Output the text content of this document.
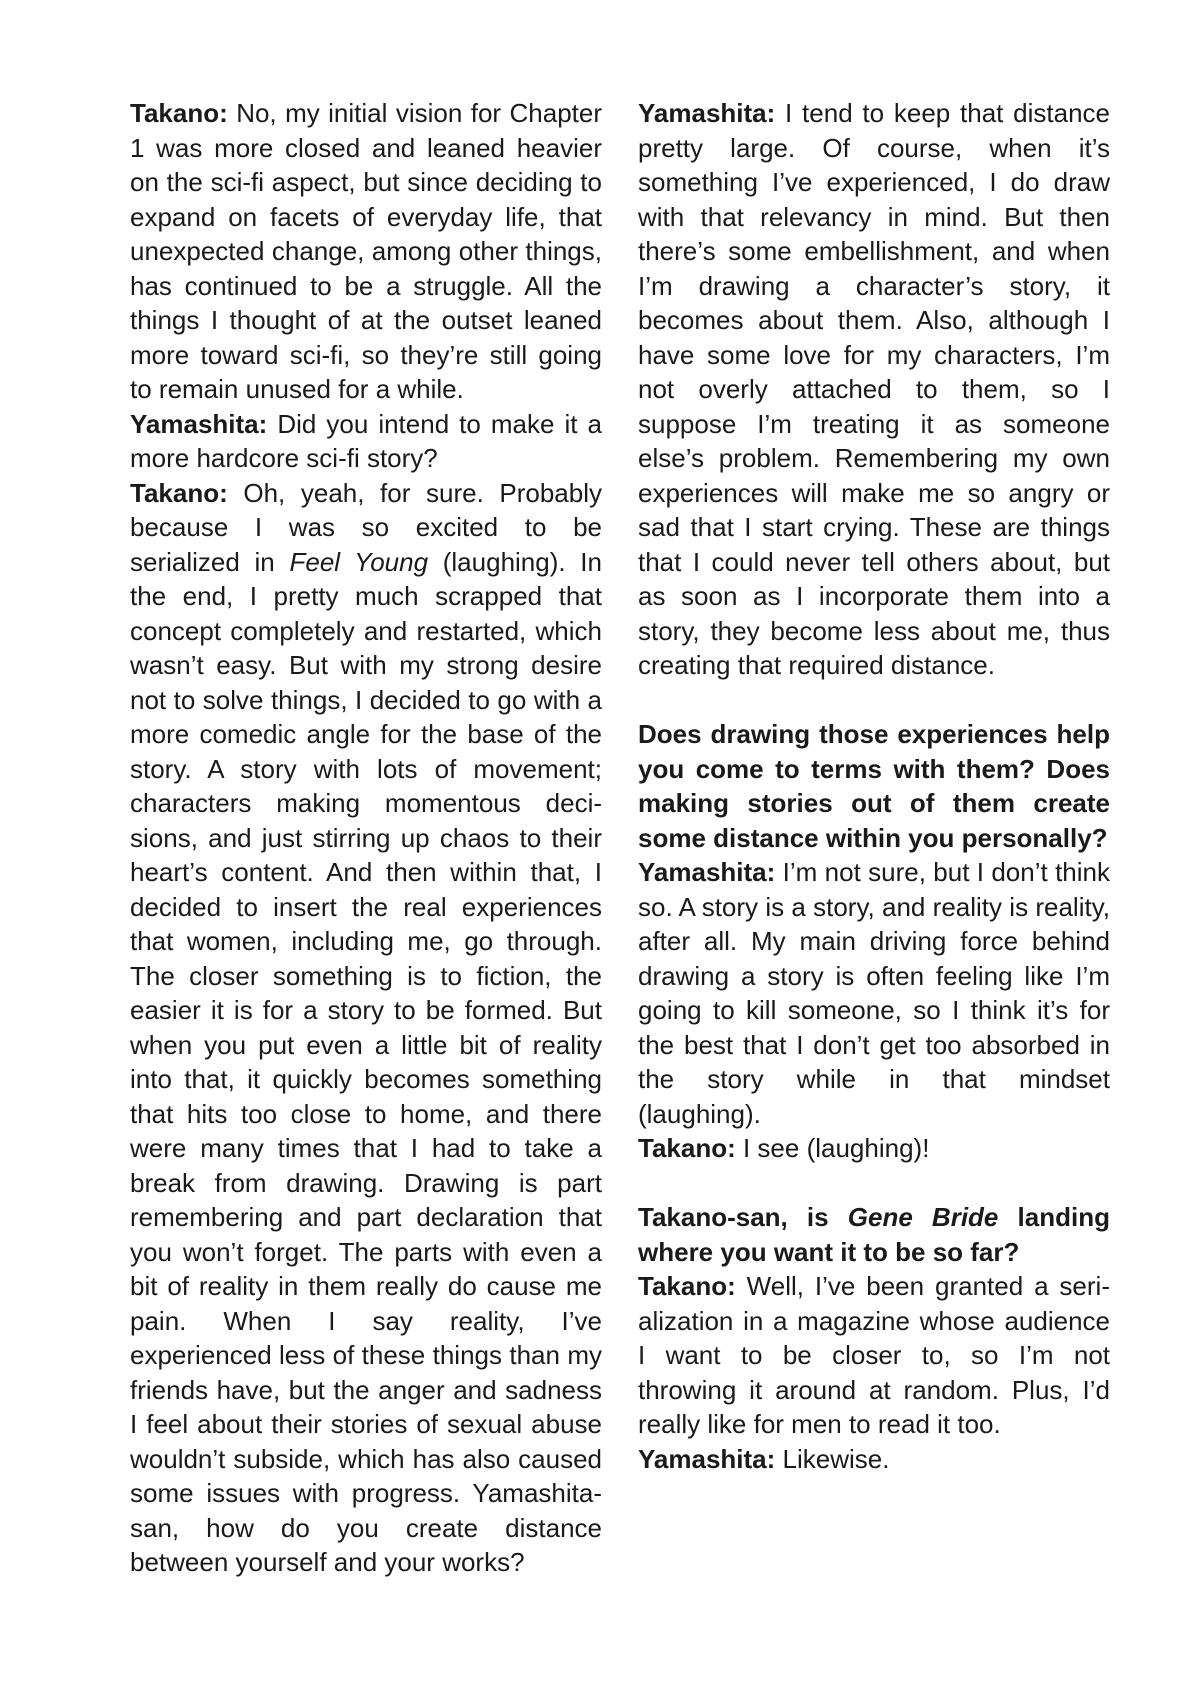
Takano: No, my initial vision for Chapter 1 was more closed and leaned heavier on the sci-fi aspect, but since deciding to expand on facets of everyday life, that unexpected change, among other things, has continued to be a struggle. All the things I thought of at the outset leaned more toward sci-fi, so they’re still going to remain unused for a while.

Yamashita: Did you intend to make it a more hardcore sci-fi story?

Takano: Oh, yeah, for sure. Probably because I was so excited to be serialized in Feel Young (laughing). In the end, I pretty much scrapped that concept completely and restarted, which wasn’t easy. But with my strong desire not to solve things, I decided to go with a more comedic angle for the base of the story. A story with lots of movement; characters making momentous deci-sions, and just stirring up chaos to their heart’s content. And then within that, I decided to insert the real experiences that women, including me, go through. The closer something is to fiction, the easier it is for a story to be formed. But when you put even a little bit of reality into that, it quickly becomes something that hits too close to home, and there were many times that I had to take a break from drawing. Drawing is part remembering and part declaration that you won’t forget. The parts with even a bit of reality in them really do cause me pain. When I say reality, I’ve experienced less of these things than my friends have, but the anger and sadness I feel about their stories of sexual abuse wouldn’t subside, which has also caused some issues with progress. Yamashita-san, how do you create distance between yourself and your works?

Yamashita: I tend to keep that distance pretty large. Of course, when it’s something I’ve experienced, I do draw with that relevancy in mind. But then there’s some embellishment, and when I’m drawing a character’s story, it becomes about them. Also, although I have some love for my characters, I’m not overly attached to them, so I suppose I’m treating it as someone else’s problem. Remembering my own experiences will make me so angry or sad that I start crying. These are things that I could never tell others about, but as soon as I incorporate them into a story, they become less about me, thus creating that required distance.

Does drawing those experiences help you come to terms with them? Does making stories out of them create some distance within you personally?

Yamashita: I’m not sure, but I don’t think so. A story is a story, and reality is reality, after all. My main driving force behind drawing a story is often feeling like I’m going to kill someone, so I think it’s for the best that I don’t get too absorbed in the story while in that mindset (laughing).

Takano: I see (laughing)!

Takano-san, is Gene Bride landing where you want it to be so far?

Takano: Well, I’ve been granted a seri-alization in a magazine whose audience I want to be closer to, so I’m not throwing it around at random. Plus, I’d really like for men to read it too.

Yamashita: Likewise.
